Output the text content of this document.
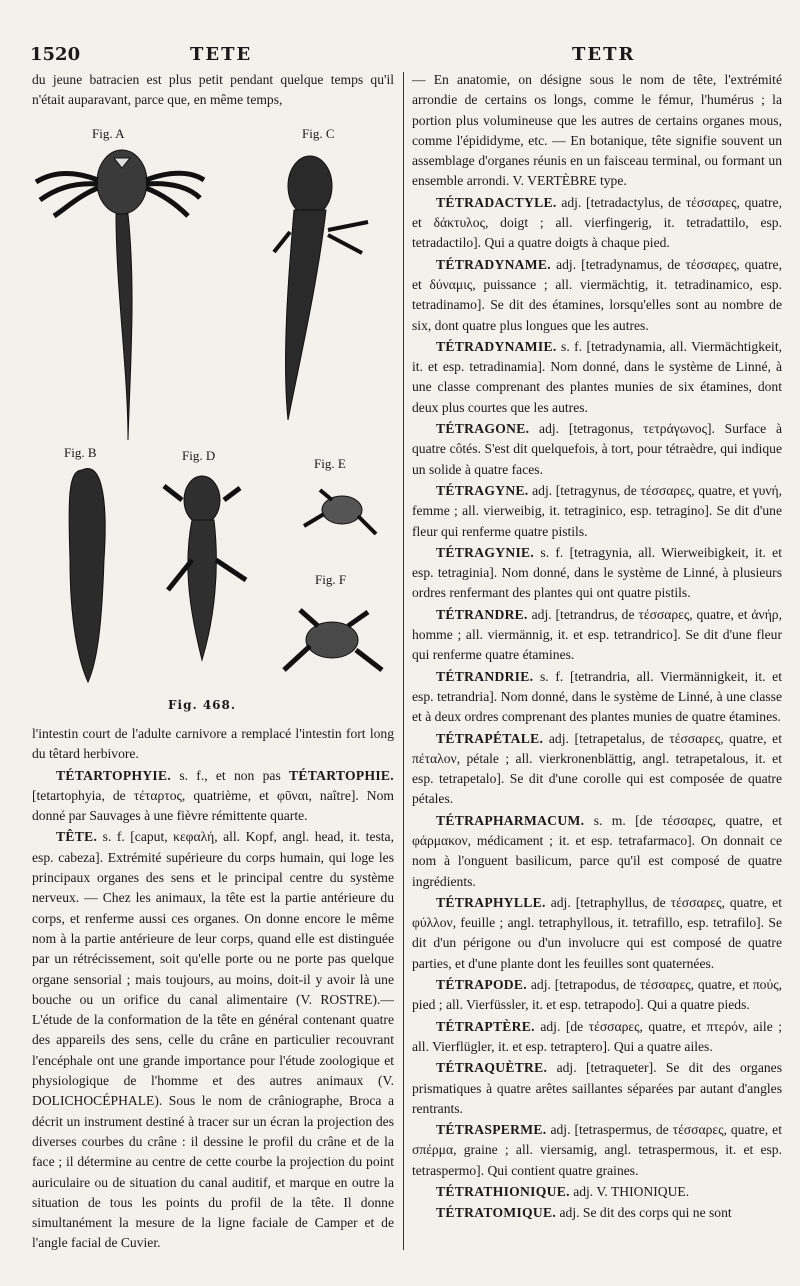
1520	TETE	TETR

du jeune batracien est plus petit pendant quelque temps qu'il n'était auparavant, parce que, en même temps,

Fig. A	Fig. C
Fig. B	Fig. D
Fig. E
Fig. F
Fig. 468.

l'intestin court de l'adulte carnivore a remplacé l'intestin fort long du têtard herbivore.

TÉTARTOPHYIE. s. f., et non pas TÉTARTOPHIE. [tetartophyia, de τέταρτος, quatrième, et φῦναι, naître]. Nom donné par Sauvages à une fièvre rémittente quarte.

TÊTE. s. f. [caput, κεφαλή, all. Kopf, angl. head, it. testa, esp. cabeza]. Extrémité supérieure du corps humain, qui loge les principaux organes des sens et le principal centre du système nerveux. — Chez les animaux, la tête est la partie antérieure du corps, et renferme aussi ces organes. On donne encore le même nom à la partie antérieure de leur corps, quand elle est distinguée par un rétrécissement, soit qu'elle porte ou ne porte pas quelque organe sensorial ; mais toujours, au moins, doit-il y avoir là une bouche ou un orifice du canal alimentaire (V. ROSTRE).—L'étude de la conformation de la tête en général contenant quatre des appareils des sens, celle du crâne en particulier recouvrant l'encéphale ont une grande importance pour l'étude zoologique et physiologique de l'homme et des autres animaux (V. DOLICHOCÉPHALE). Sous le nom de crâniographe, Broca a décrit un instrument destiné à tracer sur un écran la projection des diverses courbes du crâne : il dessine le profil du crâne et de la face ; il détermine au centre de cette courbe la projection du point auriculaire ou de situation du canal auditif, et marque en outre la situation de tous les points du profil de la tête. Il donne simultanément la mesure de la ligne faciale de Camper et de l'angle facial de Cuvier.

— En anatomie, on désigne sous le nom de tête, l'extrémité arrondie de certains os longs, comme le fémur, l'humérus ; la portion plus volumineuse que les autres de certains organes mous, comme l'épididyme, etc. — En botanique, tête signifie souvent un assemblage d'organes réunis en un faisceau terminal, ou formant un ensemble arrondi. V. VERTÈBRE type.

TÉTRADACTYLE. adj. [tetradactylus, de τέσσαρες, quatre, et δάκτυλος, doigt ; all. vierfingerig, it. tetradattilo, esp. tetradactilo]. Qui a quatre doigts à chaque pied.

TÉTRADYNAME. adj. [tetradynamus, de τέσσαρες, quatre, et δύναμις, puissance ; all. viermächtig, it. tetradinamico, esp. tetradinamo]. Se dit des étamines, lorsqu'elles sont au nombre de six, dont quatre plus longues que les autres.

TÉTRADYNAMIE. s. f. [tetradynamia, all. Viermächtigkeit, it. et esp. tetradinamia]. Nom donné, dans le système de Linné, à une classe comprenant des plantes munies de six étamines, dont deux plus courtes que les autres.

TÉTRAGONE. adj. [tetragonus, τετράγωνος]. Surface à quatre côtés. S'est dit quelquefois, à tort, pour tétraèdre, qui indique un solide à quatre faces.

TÉTRAGYNE. adj. [tetragynus, de τέσσαρες, quatre, et γυνή, femme ; all. vierweibig, it. tetraginico, esp. tetragino]. Se dit d'une fleur qui renferme quatre pistils.

TÉTRAGYNIE. s. f. [tetragynia, all. Wierweibigkeit, it. et esp. tetraginia]. Nom donné, dans le système de Linné, à plusieurs ordres renfermant des plantes qui ont quatre pistils.

TÉTRANDRE. adj. [tetrandrus, de τέσσαρες, quatre, et ἀνήρ, homme ; all. viermännig, it. et esp. tetrandrico]. Se dit d'une fleur qui renferme quatre étamines.

TÉTRANDRIE. s. f. [tetrandria, all. Viermännigkeit, it. et esp. tetrandria]. Nom donné, dans le système de Linné, à une classe et à deux ordres comprenant des plantes munies de quatre étamines.

TÉTRAPÉTALE. adj. [tetrapetalus, de τέσσαρες, quatre, et πέταλον, pétale ; all. vierkronenblättig, angl. tetrapetalous, it. et esp. tetrapetalo]. Se dit d'une corolle qui est composée de quatre pétales.

TÉTRAPHARMACUM. s. m. [de τέσσαρες, quatre, et φάρμακον, médicament ; it. et esp. tetrafarmaco]. On donnait ce nom à l'onguent basilicum, parce qu'il est composé de quatre ingrédients.

TÉTRAPHYLLE. adj. [tetraphyllus, de τέσσαρες, quatre, et φύλλον, feuille ; angl. tetraphyllous, it. tetrafillo, esp. tetrafilo]. Se dit d'un périgone ou d'un involucre qui est composé de quatre parties, et d'une plante dont les feuilles sont quaternées.

TÉTRAPODE. adj. [tetrapodus, de τέσσαρες, quatre, et πούς, pied ; all. Vierfüssler, it. et esp. tetrapodo]. Qui a quatre pieds.

TÉTRAPTÈRE. adj. [de τέσσαρες, quatre, et πτερόν, aile ; all. Vierflügler, it. et esp. tetraptero]. Qui a quatre ailes.

TÉTRAQUÈTRE. adj. [tetraqueter]. Se dit des organes prismatiques à quatre arêtes saillantes séparées par autant d'angles rentrants.

TÉTRASPERME. adj. [tetraspermus, de τέσσαρες, quatre, et σπέρμα, graine ; all. viersamig, angl. tetraspermous, it. et esp. tetraspermo]. Qui contient quatre graines.

TÉTRATHIONIQUE. adj. V. THIONIQUE.

TÉTRATOMIQUE. adj. Se dit des corps qui ne sont
